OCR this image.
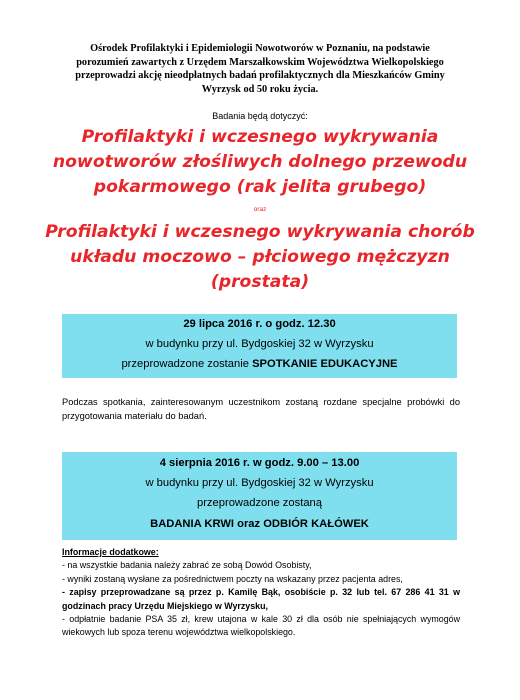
Ośrodek Profilaktyki i Epidemiologii Nowotworów w Poznaniu, na podstawie
porozumień zawartych z Urzędem Marszałkowskim Województwa Wielkopolskiego
przeprowadzi akcję nieodpłatnych badań profilaktycznych dla Mieszkańców Gminy
Wyrzysk od 50 roku życia.
Badania będą dotyczyć:
Profilaktyki i wczesnego wykrywania
nowotworów złośliwych dolnego przewodu
pokarmowego (rak jelita grubego)
oraz
Profilaktyki i wczesnego wykrywania chorób
układu moczowo – płciowego mężczyzn
(prostata)
29 lipca 2016 r. o godz. 12.30
w budynku przy ul. Bydgoskiej 32 w Wyrzysku
przeprowadzone zostanie SPOTKANIE EDUKACYJNE
Podczas spotkania, zainteresowanym uczestnikom zostaną rozdane specjalne probówki do przygotowania materiału do badań.
4 sierpnia 2016 r. w godz. 9.00 – 13.00
w budynku przy ul. Bydgoskiej 32 w Wyrzysku
przeprowadzone zostaną
BADANIA KRWI oraz ODBIÓR KAŁÓWEK
Informacje dodatkowe:
- na wszystkie badania należy zabrać ze sobą Dowód Osobisty,
- wyniki zostaną wysłane za pośrednictwem poczty na wskazany przez pacjenta adres,
- zapisy przeprowadzane są przez p. Kamilę Bąk, osobiście p. 32 lub tel. 67 286 41 31 w godzinach pracy Urzędu Miejskiego w Wyrzysku,
- odpłatnie badanie PSA 35 zł, krew utajona w kale 30 zł dla osób nie spełniających wymogów wiekowych lub spoza terenu województwa wielkopolskiego.
